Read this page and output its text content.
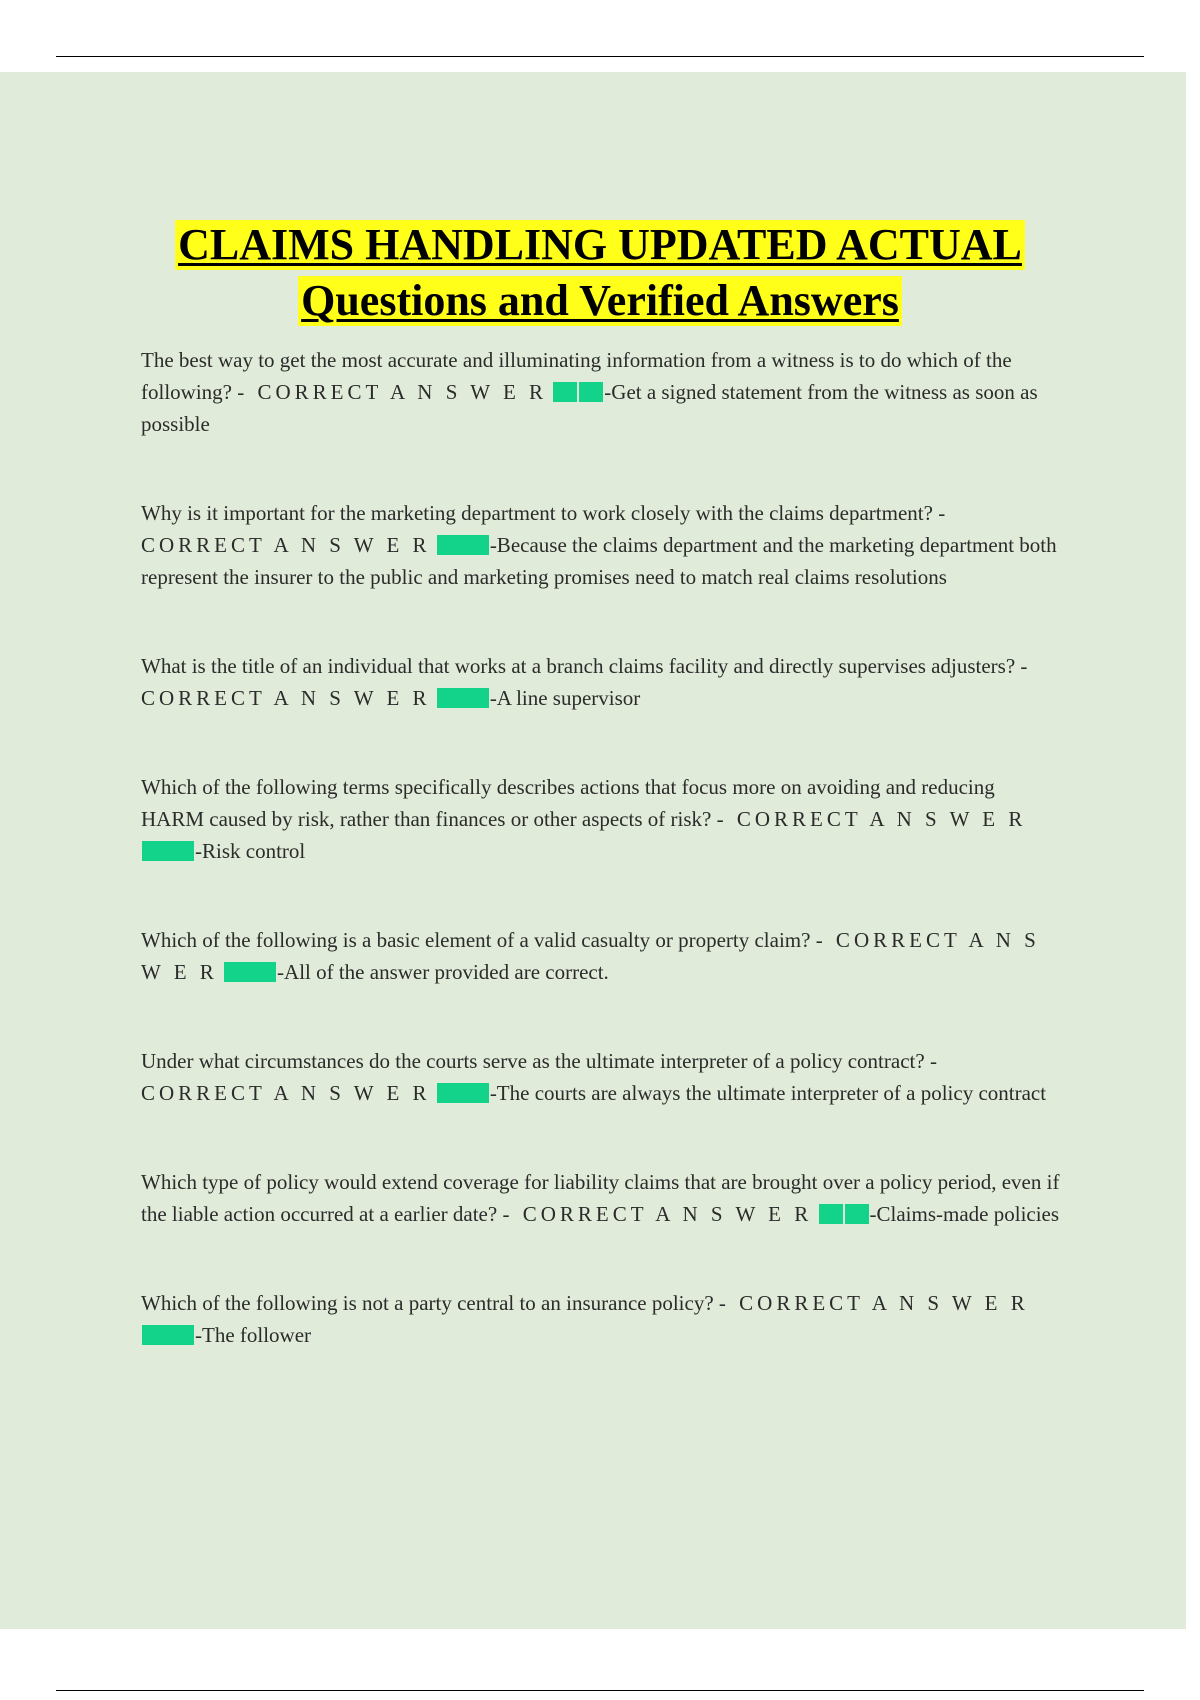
CLAIMS HANDLING UPDATED ACTUAL
Questions and Verified Answers

The best way to get the most accurate and illuminating information from a witness is to do which of the following? - CORRECT A N S W E R	-Get a signed statement from the witness as soon as possible

Why is it important for the marketing department to work closely with the claims department? - CORRECT A N S W E R	-Because the claims department and the marketing department both represent the insurer to the public and marketing promises need to match real claims resolutions

What is the title of an individual that works at a branch claims facility and directly supervises adjusters? - CORRECT A N S W E R	-A line supervisor

Which of the following terms specifically describes actions that focus more on avoiding and reducing HARM caused by risk, rather than finances or other aspects of risk? - CORRECT A N S W E R -Risk control

Which of the following is a basic element of a valid casualty or property claim? - CORRECT A N S W E R	-All of the answer provided are correct.

Under what circumstances do the courts serve as the ultimate interpreter of a policy contract? - CORRECT A N S W E R	-The courts are always the ultimate interpreter of a policy contract

Which type of policy would extend coverage for liability claims that are brought over a policy period, even if the liable action occurred at a earlier date? - CORRECT A N S W E R	-Claims-made policies

Which of the following is not a party central to an insurance policy? - CORRECT A N S W E R -The follower
